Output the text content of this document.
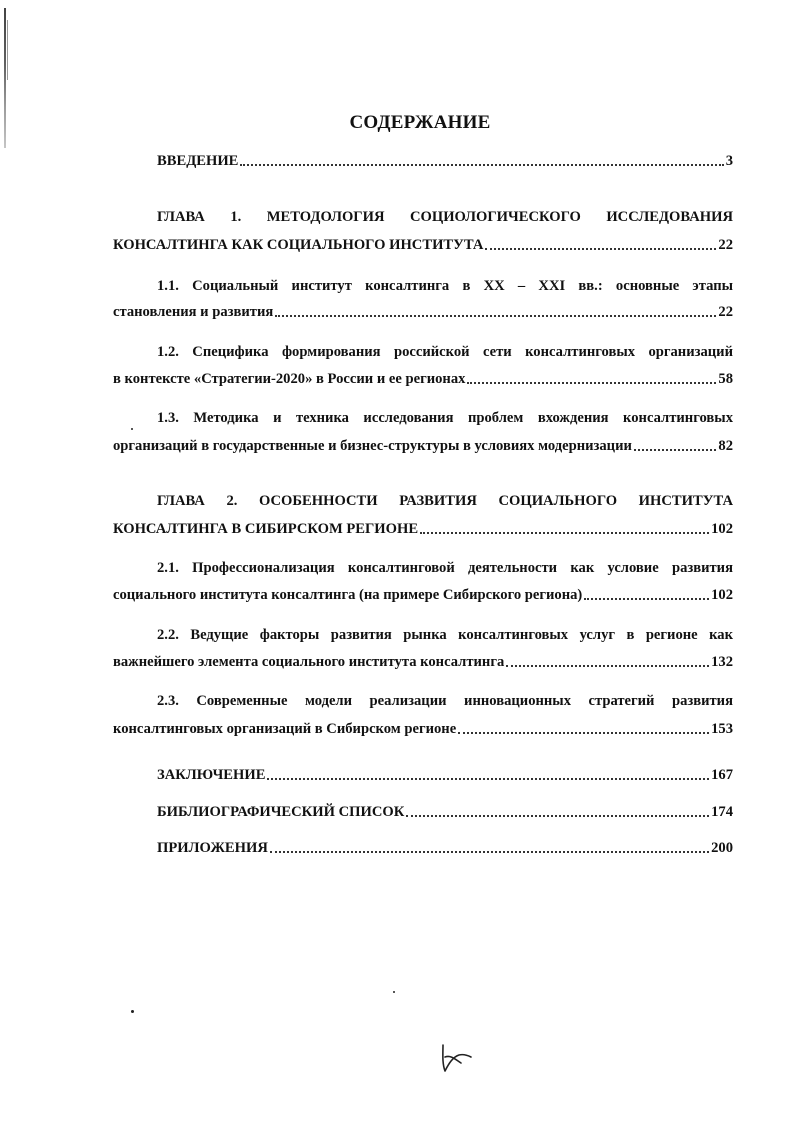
СОДЕРЖАНИЕ
ВВЕДЕНИЕ	3
ГЛАВА 1. МЕТОДОЛОГИЯ СОЦИОЛОГИЧЕСКОГО ИССЛЕДОВАНИЯ
КОНСАЛТИНГА КАК СОЦИАЛЬНОГО ИНСТИТУТА	22
1.1. Социальный институт консалтинга в XX – XXI вв.: основные этапы
становления и развития	22
1.2. Специфика формирования российской сети консалтинговых организаций
в контексте «Стратегии-2020» в России и ее регионах	58
1.3. Методика и техника исследования проблем вхождения консалтинговых
организаций в государственные и бизнес-структуры в условиях модернизации	82
ГЛАВА 2. ОСОБЕННОСТИ РАЗВИТИЯ СОЦИАЛЬНОГО ИНСТИТУТА
КОНСАЛТИНГА В СИБИРСКОМ РЕГИОНЕ	102
2.1. Профессионализация консалтинговой деятельности как условие развития
социального института консалтинга (на примере Сибирского региона)	102
2.2. Ведущие факторы развития рынка консалтинговых услуг в регионе как
важнейшего элемента социального института консалтинга	132
2.3. Современные модели реализации инновационных стратегий развития
консалтинговых организаций в Сибирском регионе	153
ЗАКЛЮЧЕНИЕ	167
БИБЛИОГРАФИЧЕСКИЙ СПИСОК	174
ПРИЛОЖЕНИЯ	200
